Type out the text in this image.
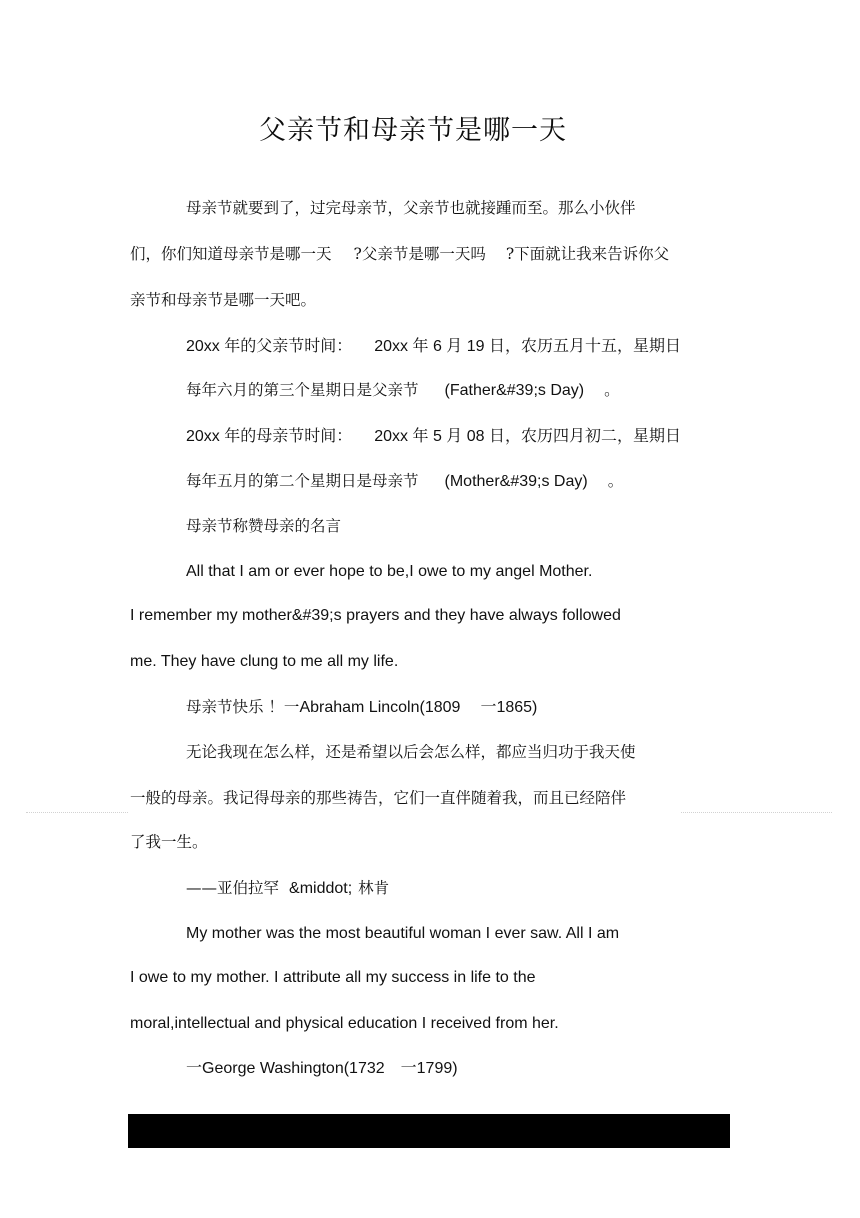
父亲节和母亲节是哪一天
母亲节就要到了，过完母亲节，父亲节也就接踵而至。那么小伙伴
们，你们知道母亲节是哪一天 ?父亲节是哪一天吗 ?下面就让我来告诉你父
亲节和母亲节是哪一天吧。
20xx 年的父亲节时间： 20xx 年 6 月 19 日，农历五月十五，星期日
每年六月的第三个星期日是父亲节 (Father&#39;s Day) 。
20xx 年的母亲节时间： 20xx 年 5 月 08 日，农历四月初二，星期日
每年五月的第二个星期日是母亲节 (Mother&#39;s Day) 。
母亲节称赞母亲的名言
All that I am or ever hope to be,I owe to my angel Mother.
I remember my mother&#39;s prayers and they have always followed
me. They have clung to me all my life.
母亲节快乐 ！一Abraham Lincoln(1809 一1865)
无论我现在怎么样，还是希望以后会怎么样，都应当归功于我天使
一般的母亲。我记得母亲的那些祷告，它们一直伴随着我，而且已经陪伴
了我一生。
——亚伯拉罕 &middot; 林肯
My mother was the most beautiful woman I ever saw. All I am
I owe to my mother. I attribute all my success in life to the
moral,intellectual and physical education I received from her.
一George Washington(1732 一1799)
